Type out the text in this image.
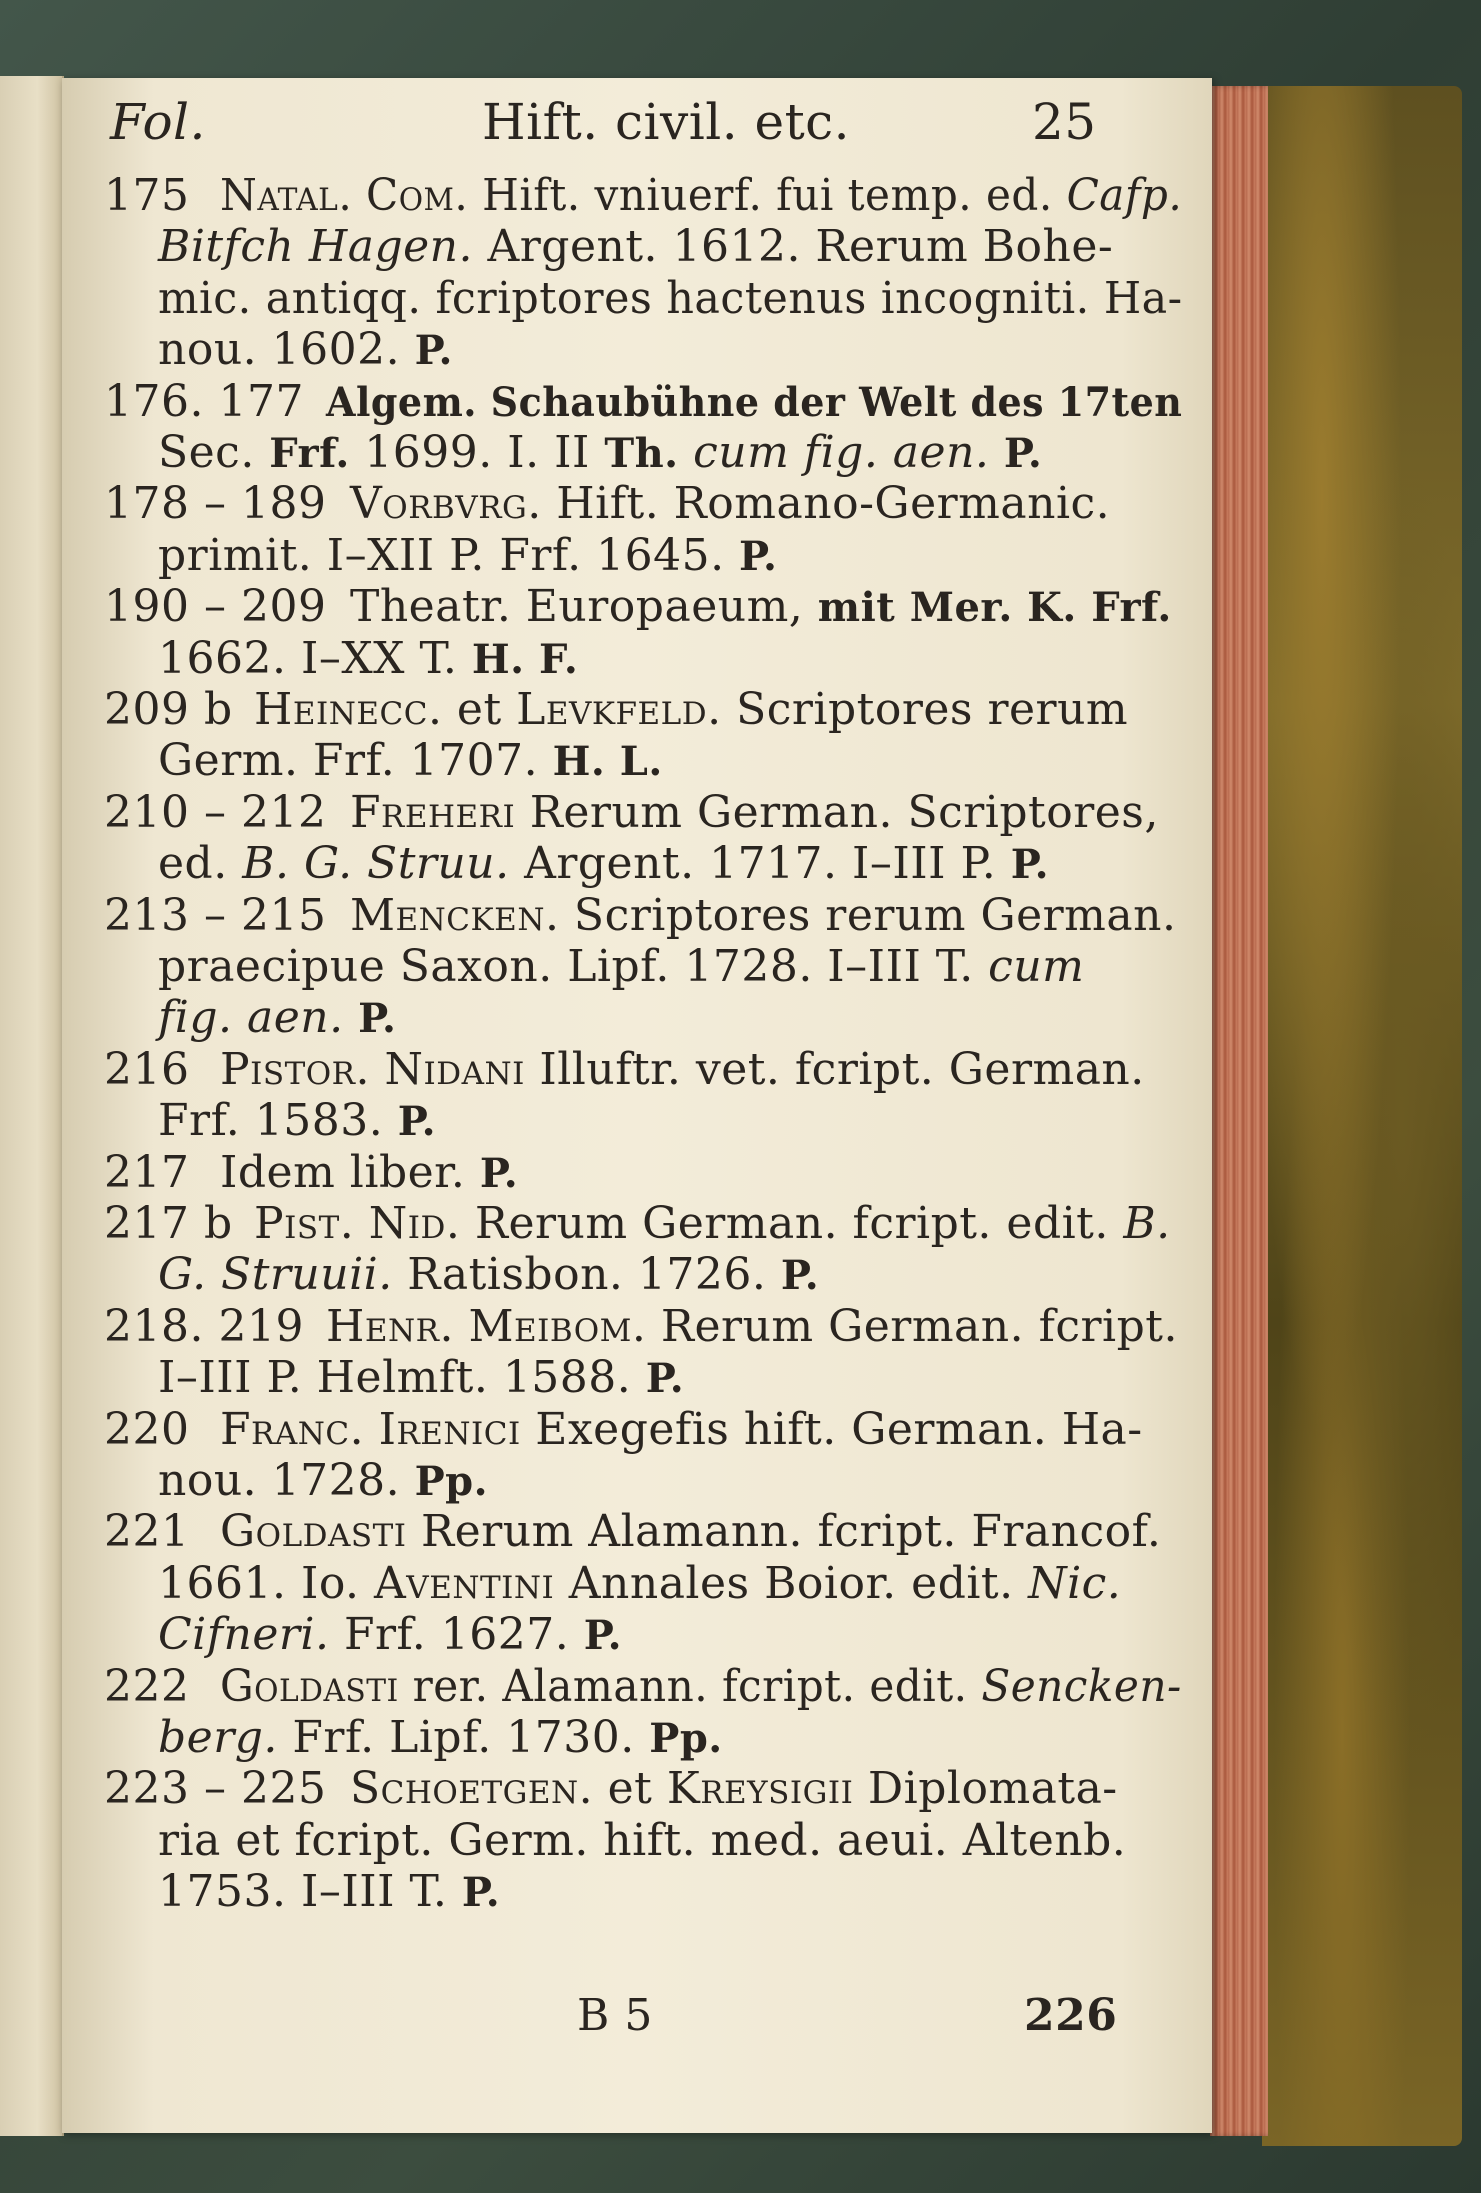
Fol.	Hift. civil. etc.	25
175 Natal. Com. Hift. vniuerf. fui temp. ed. Cafp.
Bitfch Hagen. Argent. 1612. Rerum Bohe-
mic. antiqq. fcriptores hactenus incogniti. Ha-
nou. 1602. P.
176. 177 Algem. Schaubühne der Welt des 17ten
Sec. Frf. 1699. I. II Th. cum fig. aen. P.
178 – 189 Vorbvrg. Hift. Romano-Germanic.
primit. I–XII P. Frf. 1645. P.
190 – 209 Theatr. Europaeum, mit Mer. K. Frf.
1662. I–XX T. H. F.
209 b Heinecc. et Levkfeld. Scriptores rerum
Germ. Frf. 1707. H. L.
210 – 212 Freheri Rerum German. Scriptores,
ed. B. G. Struu. Argent. 1717. I–III P. P.
213 – 215 Mencken. Scriptores rerum German.
praecipue Saxon. Lipf. 1728. I–III T. cum
fig. aen. P.
216 Pistor. Nidani Illuftr. vet. fcript. German.
Frf. 1583. P.
217 Idem liber. P.
217 b Pist. Nid. Rerum German. fcript. edit. B.
G. Struuii. Ratisbon. 1726. P.
218. 219 Henr. Meibom. Rerum German. fcript.
I–III P. Helmft. 1588. P.
220 Franc. Irenici Exegefis hift. German. Ha-
nou. 1728. Pp.
221 Goldasti Rerum Alamann. fcript. Francof.
1661. Io. Aventini Annales Boior. edit. Nic.
Cifneri. Frf. 1627. P.
222 Goldasti rer. Alamann. fcript. edit. Sencken-
berg. Frf. Lipf. 1730. Pp.
223 – 225 Schoetgen. et Kreysigii Diplomata-
ria et fcript. Germ. hift. med. aeui. Altenb.
1753. I–III T. P.
B 5	226
